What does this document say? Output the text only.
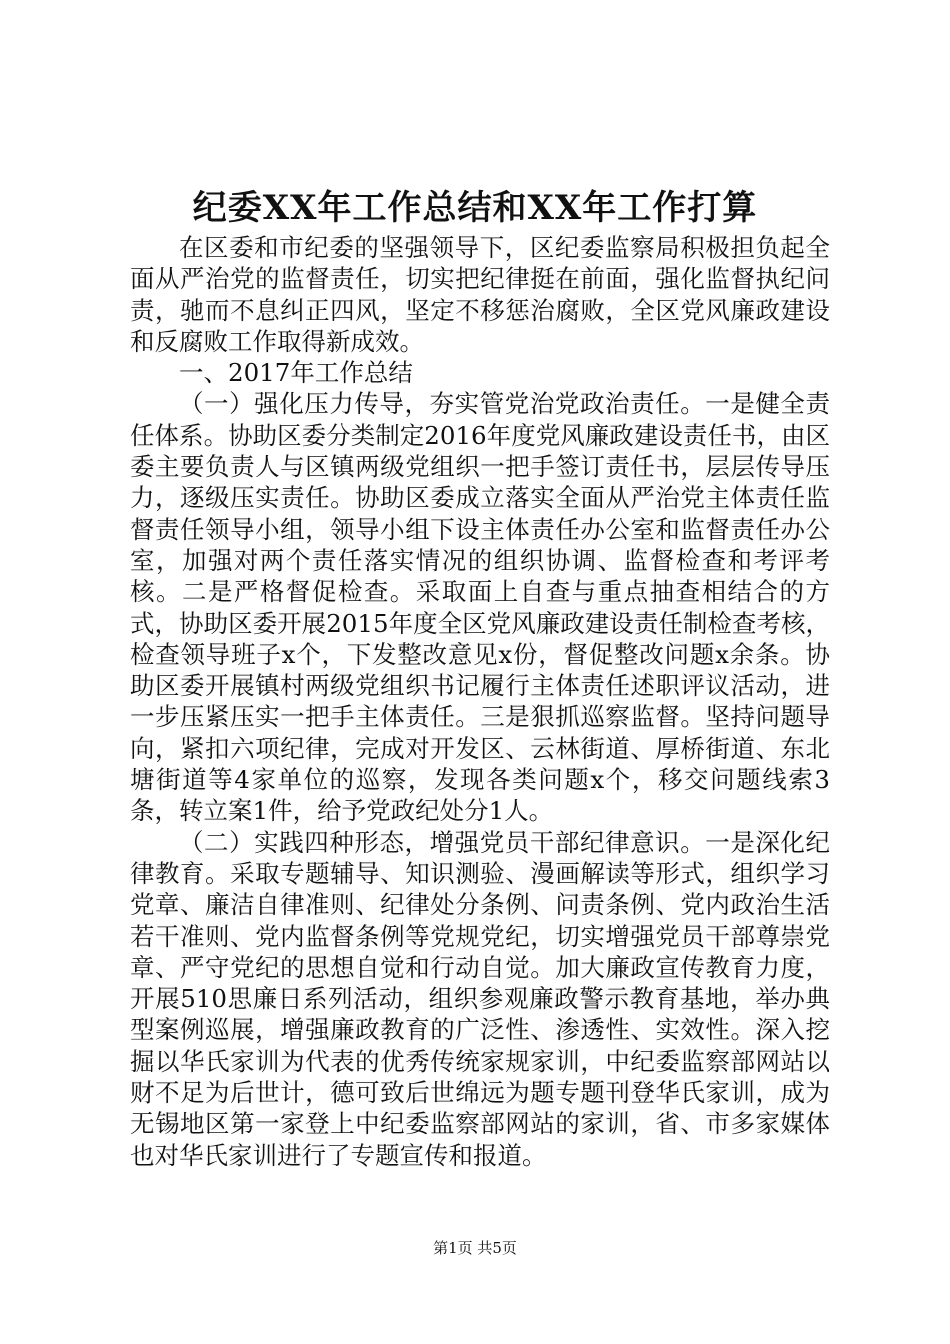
纪委XX年工作总结和XX年工作打算

在区委和市纪委的坚强领导下，区纪委监察局积极担负起全面从严治党的监督责任，切实把纪律挺在前面，强化监督执纪问责，驰而不息纠正四风，坚定不移惩治腐败，全区党风廉政建设和反腐败工作取得新成效。

一、2017年工作总结

（一）强化压力传导，夯实管党治党政治责任。一是健全责任体系。协助区委分类制定2016年度党风廉政建设责任书，由区委主要负责人与区镇两级党组织一把手签订责任书，层层传导压力，逐级压实责任。协助区委成立落实全面从严治党主体责任监督责任领导小组，领导小组下设主体责任办公室和监督责任办公室，加强对两个责任落实情况的组织协调、监督检查和考评考核。二是严格督促检查。采取面上自查与重点抽查相结合的方式，协助区委开展2015年度全区党风廉政建设责任制检查考核，检查领导班子x个，下发整改意见x份，督促整改问题x余条。协助区委开展镇村两级党组织书记履行主体责任述职评议活动，进一步压紧压实一把手主体责任。三是狠抓巡察监督。坚持问题导向，紧扣六项纪律，完成对开发区、云林街道、厚桥街道、东北塘街道等4家单位的巡察，发现各类问题x个，移交问题线索3条，转立案1件，给予党政纪处分1人。

（二）实践四种形态，增强党员干部纪律意识。一是深化纪律教育。采取专题辅导、知识测验、漫画解读等形式，组织学习党章、廉洁自律准则、纪律处分条例、问责条例、党内政治生活若干准则、党内监督条例等党规党纪，切实增强党员干部尊崇党章、严守党纪的思想自觉和行动自觉。加大廉政宣传教育力度，开展510思廉日系列活动，组织参观廉政警示教育基地，举办典型案例巡展，增强廉政教育的广泛性、渗透性、实效性。深入挖掘以华氏家训为代表的优秀传统家规家训，中纪委监察部网站以财不足为后世计，德可致后世绵远为题专题刊登华氏家训，成为无锡地区第一家登上中纪委监察部网站的家训，省、市多家媒体也对华氏家训进行了专题宣传和报道。

第1页 共5页
